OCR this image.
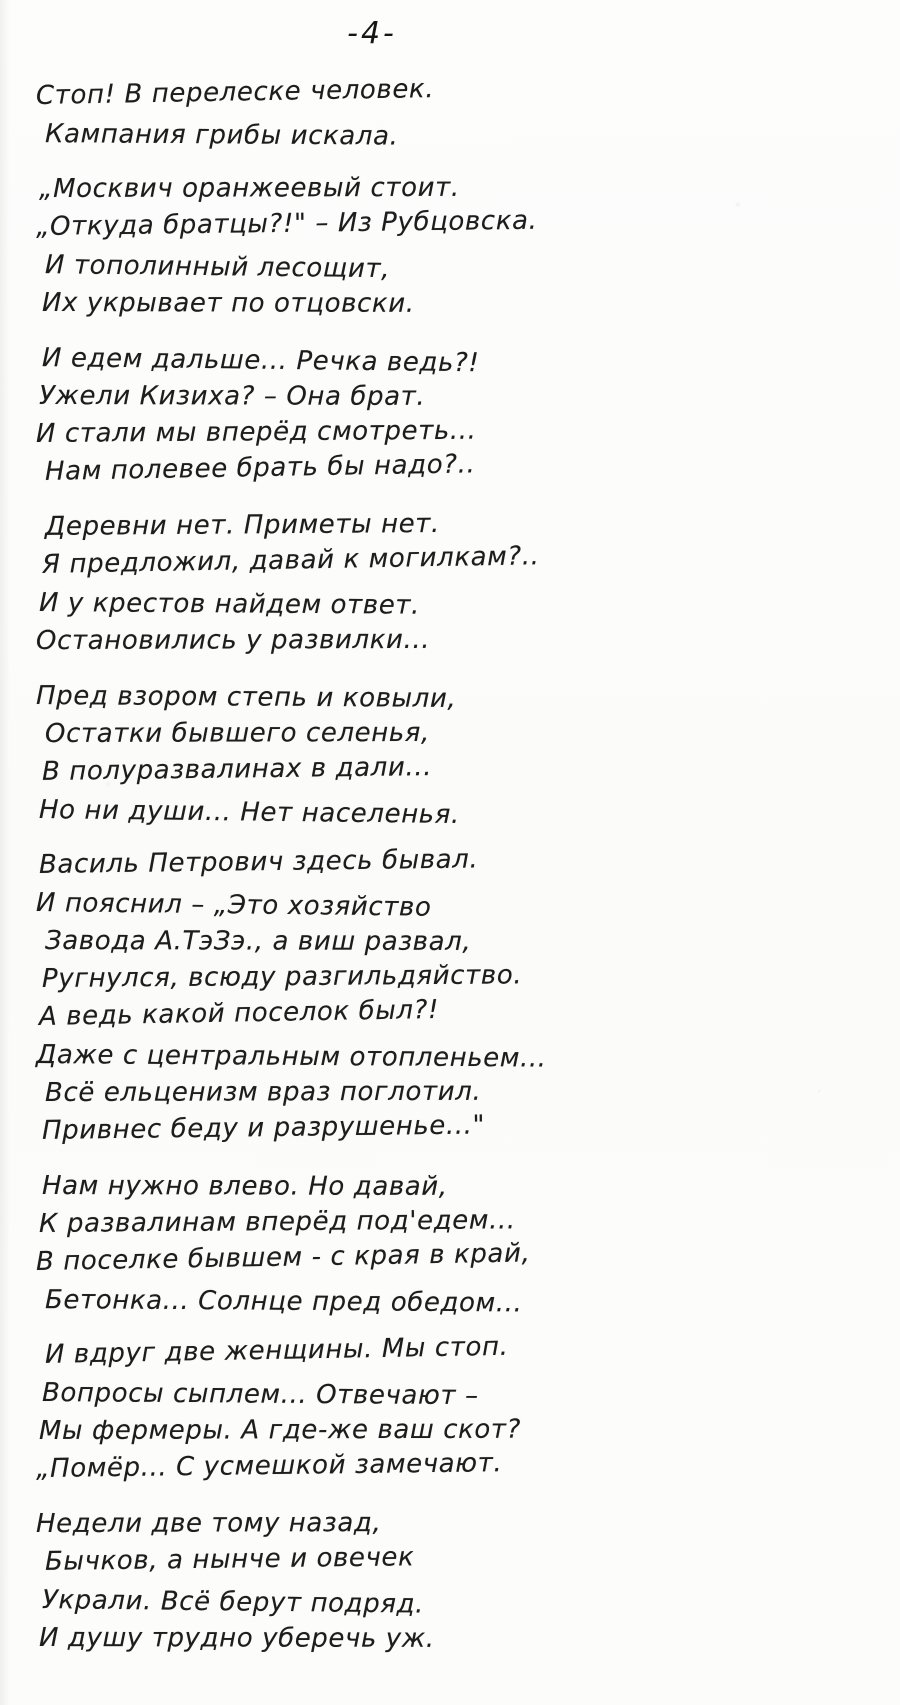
-4-
Стоп! В перелеске человек.
Кампания грибы искала.
„Москвич оранжеевый стоит.
„Откуда братцы?!" – Из Рубцовска.
И тополинный лесощит,
Их укрывает по отцовски.
И едем дальше... Речка ведь?!
Ужели Кизиха? – Она брат.
И стали мы вперёд смотреть...
Нам полевее брать бы надо?..
Деревни нет. Приметы нет.
Я предложил, давай к могилкам?..
И у крестов найдем ответ.
Остановились у развилки...
Пред взором степь и ковыли,
Остатки бывшего селенья,
В полуразвалинах в дали...
Но ни души... Нет населенья.
Василь Петрович здесь бывал.
И пояснил – „Это хозяйство
Завода А.ТэЗэ., а виш развал,
Ругнулся, всюду разгильдяйство.
А ведь какой поселок был?!
Даже с центральным отопленьем...
Всё ельценизм враз поглотил.
Привнес беду и разрушенье..."
Нам нужно влево. Но давай,
К развалинам вперёд под'едем...
В поселке бывшем - с края в край,
Бетонка... Солнце пред обедом...
И вдруг две женщины. Мы стоп.
Вопросы сыплем... Отвечают –
Мы фермеры. А где-же ваш скот?
„Помёр... С усмешкой замечают.
Недели две тому назад,
Бычков, а нынче и овечек
Украли. Всё берут подряд.
И душу трудно уберечь уж.
